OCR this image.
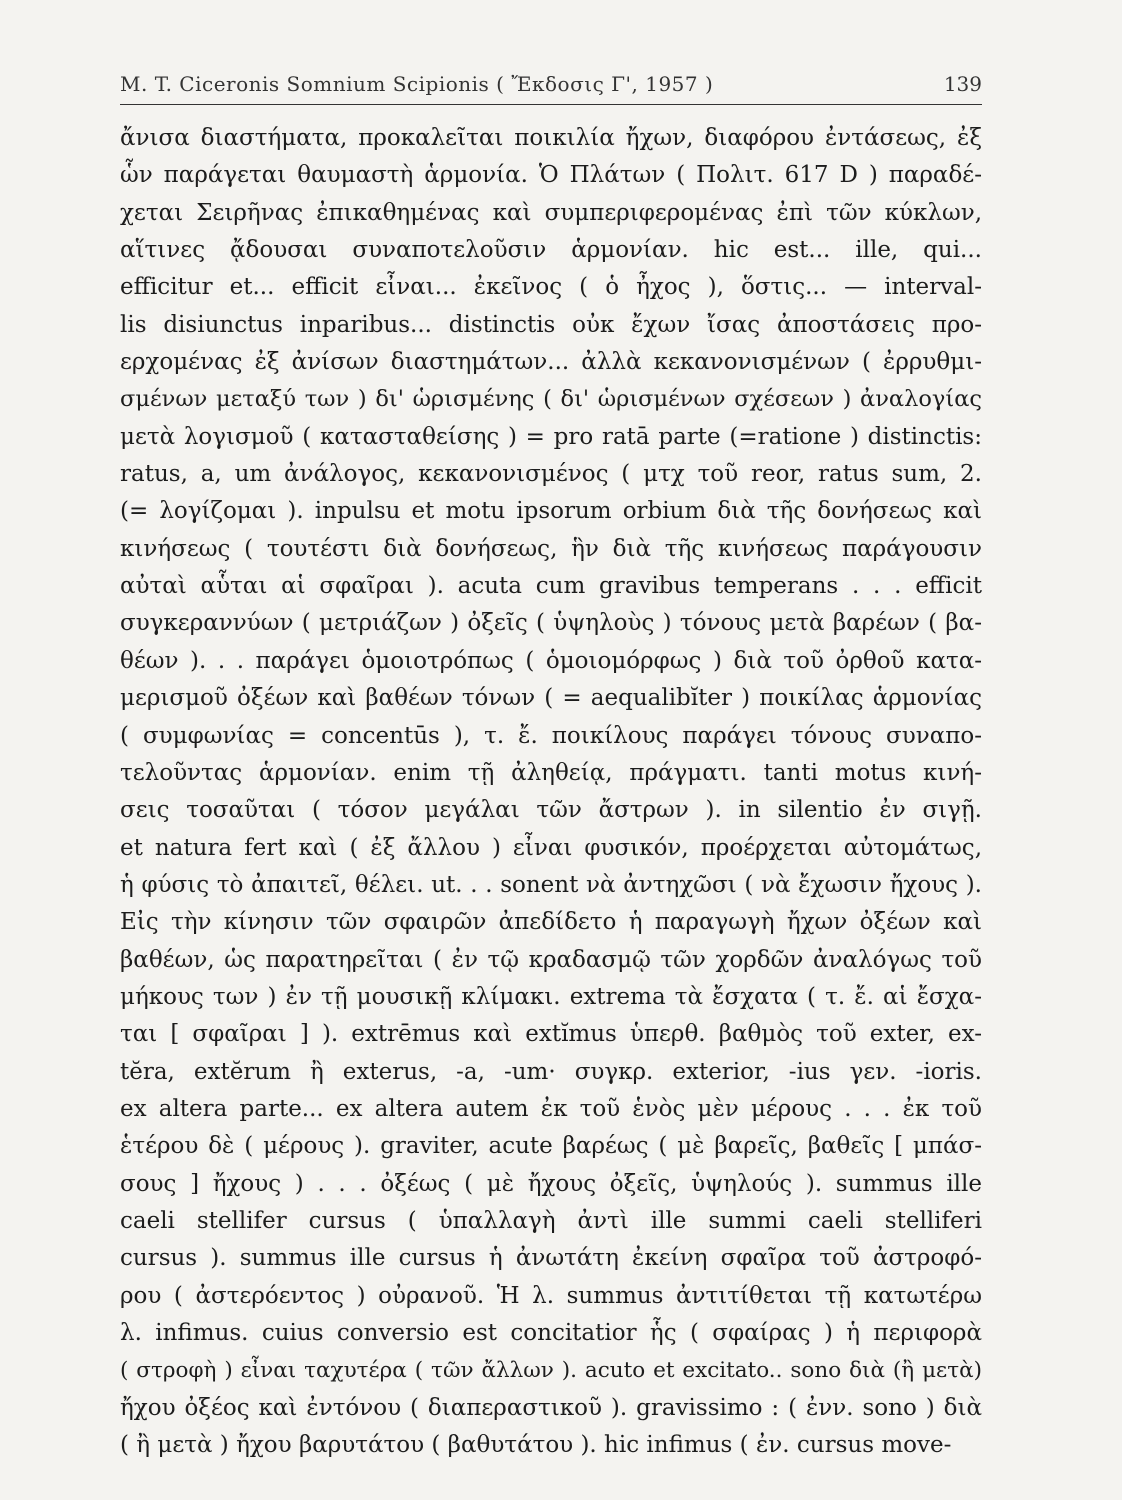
M. T. Ciceronis Somnium Scipionis ( Ἔκδοσις Γ', 1957 )	139
ἄνισα διαστήματα, προκαλεῖται ποικιλία ἤχων, διαφόρου ἐντάσεως, ἐξ
ὧν παράγεται θαυμαστὴ ἁρμονία. Ὁ Πλάτων ( Πολιτ. 617 D ) παραδέ-
χεται Σειρῆνας ἐπικαθημένας καὶ συμπεριφερομένας ἐπὶ τῶν κύκλων,
αἵτινες ᾄδουσαι συναποτελοῦσιν ἁρμονίαν. hic est... ille, qui...
efficitur et... efficit εἶναι... ἐκεῖνος ( ὁ ἦχος ), ὅστις... — interval-
lis disiunctus inparibus... distinctis οὐκ ἔχων ἴσας ἀποστάσεις προ-
ερχομένας ἐξ ἀνίσων διαστημάτων... ἀλλὰ κεκανονισμένων ( ἐρρυθμι-
σμένων μεταξύ των ) δι' ὡρισμένης ( δι' ὡρισμένων σχέσεων ) ἀναλογίας
μετὰ λογισμοῦ ( κατασταθείσης ) = pro ratā parte (=ratione ) distinctis:
ratus, a, um ἀνάλογος, κεκανονισμένος ( μτχ τοῦ reor, ratus sum, 2.
(= λογίζομαι ). inpulsu et motu ipsorum orbium διὰ τῆς δονήσεως καὶ
κινήσεως ( τουτέστι διὰ δονήσεως, ἣν διὰ τῆς κινήσεως παράγουσιν
αὐταὶ αὗται αἱ σφαῖραι ). acuta cum gravibus temperans . . . efficit
συγκεραννύων ( μετριάζων ) ὀξεῖς ( ὑψηλοὺς ) τόνους μετὰ βαρέων ( βα-
θέων ). . . παράγει ὁμοιοτρόπως ( ὁμοιομόρφως ) διὰ τοῦ ὀρθοῦ κατα-
μερισμοῦ ὀξέων καὶ βαθέων τόνων ( = aequalibĭter ) ποικίλας ἁρμονίας
( συμφωνίας = concentūs ), τ. ἔ. ποικίλους παράγει τόνους συναπο-
τελοῦντας ἁρμονίαν. enim τῇ ἀληθείᾳ, πράγματι. tanti motus κινή-
σεις τοσαῦται ( τόσον μεγάλαι τῶν ἄστρων ). in silentio ἐν σιγῇ.
et natura fert καὶ ( ἐξ ἄλλου ) εἶναι φυσικόν, προέρχεται αὐτομάτως,
ἡ φύσις τὸ ἀπαιτεῖ, θέλει. ut. . . sonent νὰ ἀντηχῶσι ( νὰ ἔχωσιν ἤχους ).
Εἰς τὴν κίνησιν τῶν σφαιρῶν ἀπεδίδετο ἡ παραγωγὴ ἤχων ὀξέων καὶ
βαθέων, ὡς παρατηρεῖται ( ἐν τῷ κραδασμῷ τῶν χορδῶν ἀναλόγως τοῦ
μήκους των ) ἐν τῇ μουσικῇ κλίμακι. extrema τὰ ἔσχατα ( τ. ἔ. αἱ ἔσχα-
ται [ σφαῖραι ] ). extrēmus καὶ extĭmus ὑπερθ. βαθμὸς τοῦ exter, ex-
tĕra, extĕrum ἢ exterus, -a, -um· συγκρ. exterior, -ius γεν. -ioris.
ex altera parte... ex altera autem ἐκ τοῦ ἑνὸς μὲν μέρους . . . ἐκ τοῦ
ἑτέρου δὲ ( μέρους ). graviter, acute βαρέως ( μὲ βαρεῖς, βαθεῖς [ μπάσ-
σους ] ἤχους ) . . . ὀξέως ( μὲ ἤχους ὀξεῖς, ὑψηλούς ). summus ille
caeli stellifer cursus ( ὑπαλλαγὴ ἀντὶ ille summi caeli stelliferi
cursus ). summus ille cursus ἡ ἀνωτάτη ἐκείνη σφαῖρα τοῦ ἀστροφό-
ρου ( ἀστερόεντος ) οὐρανοῦ. Ἡ λ. summus ἀντιτίθεται τῇ κατωτέρω
λ. infimus. cuius conversio est concitatior ἧς ( σφαίρας ) ἡ περιφορὰ
( στροφὴ ) εἶναι ταχυτέρα ( τῶν ἄλλων ). acuto et excitato.. sono διὰ (ἢ μετὰ)
ἤχου ὀξέος καὶ ἐντόνου ( διαπεραστικοῦ ). gravissimo : ( ἐνν. sono ) διὰ
( ἢ μετὰ ) ἤχου βαρυτάτου ( βαθυτάτου ). hic infimus ( ἐν. cursus move-
